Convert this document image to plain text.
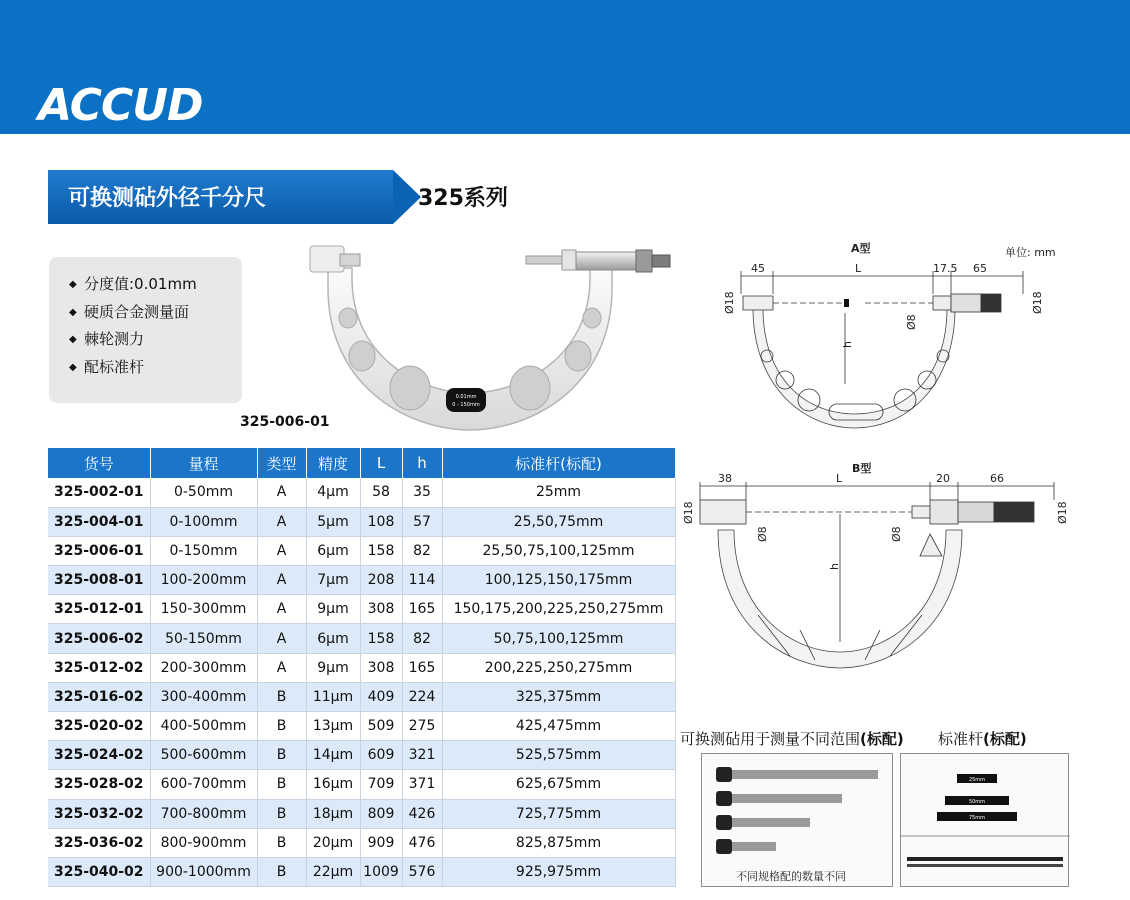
ACCUD
可换测砧外径千分尺	325系列
◆ 分度值:0.01mm
◆ 硬质合金测量面
◆ 棘轮测力
◆ 配标准杆
0.01mm
0 - 150mm
325-006-01
货号	量程	类型	精度	L	h	标准杆(标配)
325-002-01	0-50mm	A	4μm	58	35	25mm
325-004-01	0-100mm	A	5μm	108	57	25,50,75mm
325-006-01	0-150mm	A	6μm	158	82	25,50,75,100,125mm
325-008-01	100-200mm	A	7μm	208	114	100,125,150,175mm
325-012-01	150-300mm	A	9μm	308	165	150,175,200,225,250,275mm
325-006-02	50-150mm	A	6μm	158	82	50,75,100,125mm
325-012-02	200-300mm	A	9μm	308	165	200,225,250,275mm
325-016-02	300-400mm	B	11μm	409	224	325,375mm
325-020-02	400-500mm	B	13μm	509	275	425,475mm
325-024-02	500-600mm	B	14μm	609	321	525,575mm
325-028-02	600-700mm	B	16μm	709	371	625,675mm
325-032-02	700-800mm	B	18μm	809	426	725,775mm
325-036-02	800-900mm	B	20μm	909	476	825,875mm
325-040-02	900-1000mm	B	22μm	1009	576	925,975mm
A型	单位: mm
45	L	17.5 65
Ø18	Ø18
Ø8
h
B型
38	L	20	66
Ø18	Ø18
Ø8	Ø8
h
可换测砧用于测量不同范围(标配)
不同规格配的数量不同
标准杆(标配)
25mm
50mm
75mm
